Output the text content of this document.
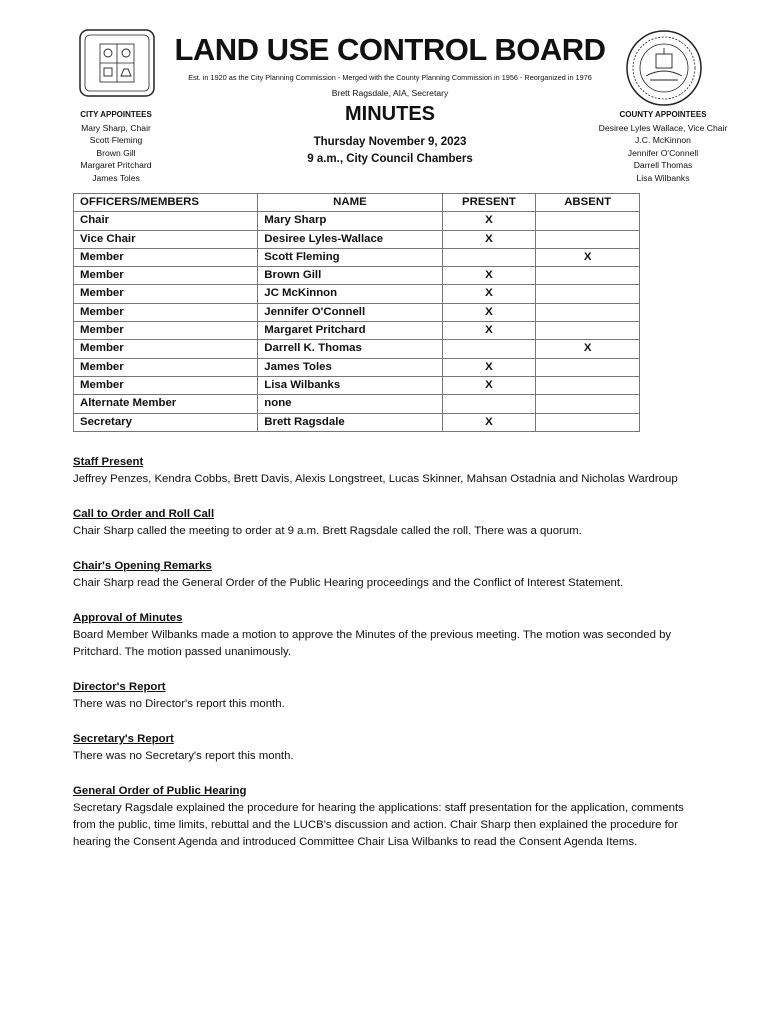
LAND USE CONTROL BOARD
Est. in 1920 as the City Planning Commission - Merged with the County Planning Commission in 1956 - Reorganized in 1976
Brett Ragsdale, AIA, Secretary
CITY APPOINTEES
Mary Sharp, Chair
Scott Fleming
Brown Gill
Margaret Pritchard
James Toles
COUNTY APPOINTEES
Desiree Lyles Wallace, Vice Chair
J.C. McKinnon
Jennifer O'Connell
Darrell Thomas
Lisa Wilbanks
MINUTES
Thursday November 9, 2023
9 a.m., City Council Chambers
OFFICERS/MEMBERS	NAME	PRESENT	ABSENT
Chair	Mary Sharp	X	
Vice Chair	Desiree Lyles-Wallace	X	
Member	Scott Fleming		X
Member	Brown Gill	X	
Member	JC McKinnon	X	
Member	Jennifer O'Connell	X	
Member	Margaret Pritchard	X	
Member	Darrell K. Thomas		X
Member	James Toles	X	
Member	Lisa Wilbanks	X	
Alternate Member	none		
Secretary	Brett Ragsdale	X	
Staff Present

Jeffrey Penzes, Kendra Cobbs, Brett Davis, Alexis Longstreet, Lucas Skinner, Mahsan Ostadnia and Nicholas Wardroup

Call to Order and Roll Call

Chair Sharp called the meeting to order at 9 a.m. Brett Ragsdale called the roll. There was a quorum.

Chair's Opening Remarks

Chair Sharp read the General Order of the Public Hearing proceedings and the Conflict of Interest Statement.

Approval of Minutes

Board Member Wilbanks made a motion to approve the Minutes of the previous meeting. The motion was seconded by Pritchard. The motion passed unanimously.

Director's Report

There was no Director's report this month.

Secretary's Report

There was no Secretary's report this month.

General Order of Public Hearing

Secretary Ragsdale explained the procedure for hearing the applications: staff presentation for the application, comments from the public, time limits, rebuttal and the LUCB's discussion and action. Chair Sharp then explained the procedure for hearing the Consent Agenda and introduced Committee Chair Lisa Wilbanks to read the Consent Agenda Items.
